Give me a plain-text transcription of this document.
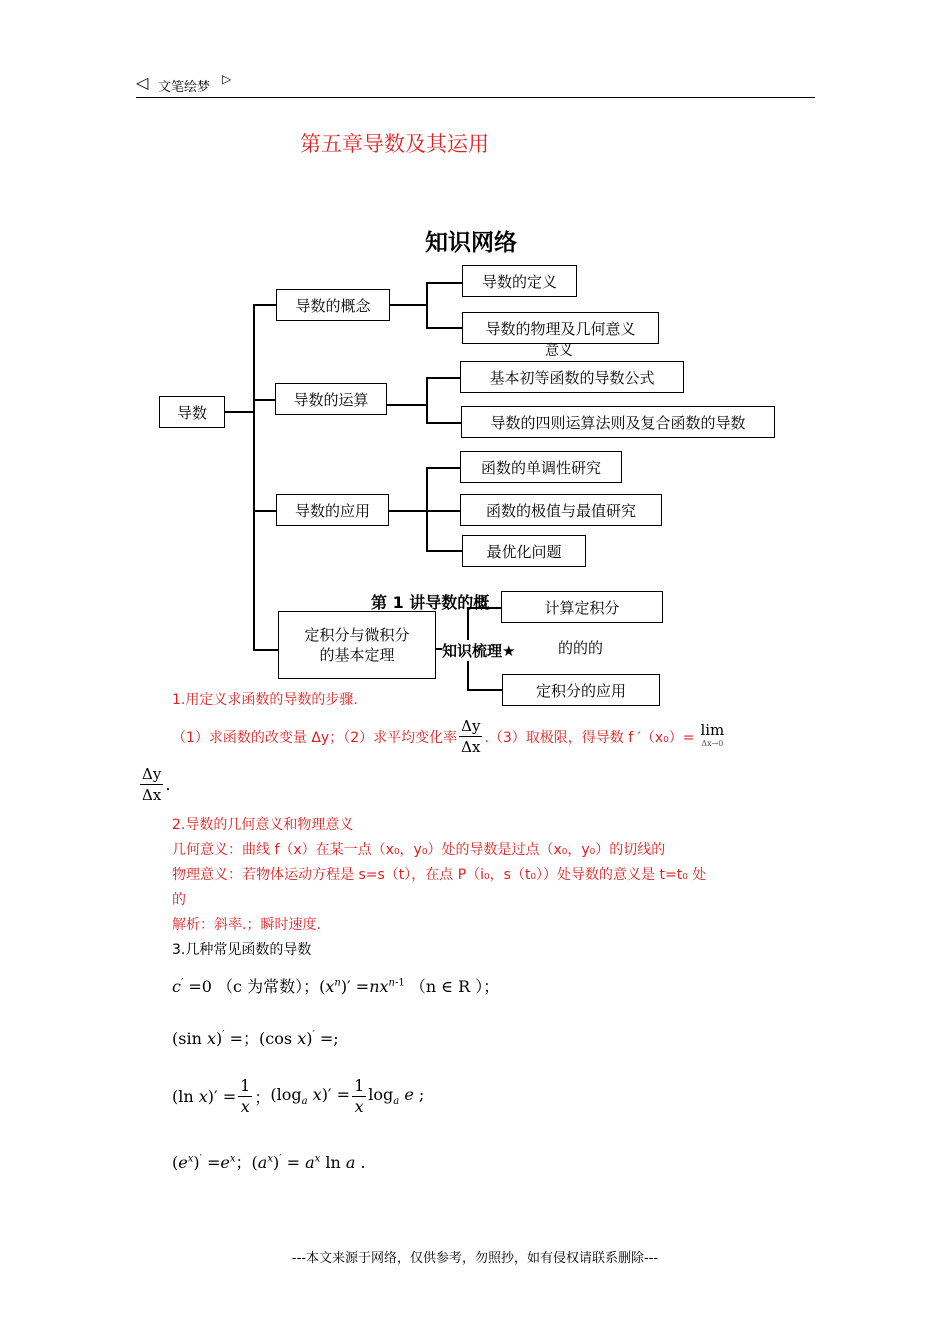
◁ 文笔绘梦
▷
第五章导数及其运用
知识网络
导数
导数的概念
导数的运算
导数的应用
定积分与微积分
的基本定理
导数的定义
导数的物理及几何意义
意义
基本初等函数的导数公式
导数的四则运算法则及复合函数的导数
函数的单调性研究
函数的极值与最值研究
最优化问题
第 1 讲导数的概	计算定积分
知识梳理★	的的的
定积分的应用
1.用定义求函数的导数的步骤.
（1）求函数的改变量 Δy；（2）求平均变化率 $\frac{\Delta y}{\Delta x} .(3)$取极限，得导数 f ′（x₀）= lim
Δx→0
$\frac{\Delta y}{\Delta x}$ .
2.导数的几何意义和物理意义
几何意义：曲线 f（x）在某一点（x₀，y₀）处的导数是过点（x₀，y₀）的切线的
物理意义：若物体运动方程是 s=s（t），在点 P（i₀，s（t₀））处导数的意义是 t=t₀ 处
的
解析：斜率.；瞬时速度.
3.几种常见函数的导数
c′ =0 （c 为常数）；$(x^n)' =nx^{n-1}$ （n ∈ R ）；
(sin x)′ =；(cos x)′ =;
(ln $x)' = \frac{1}{x}$ ； ($\log_a$ $x)' = \frac{1}{x} \log_a e$ ;
$(e^x)' =e^x$；$(a^x)' = a^x$ ln a .
---本文来源于网络，仅供参考，勿照抄，如有侵权请联系删除---
